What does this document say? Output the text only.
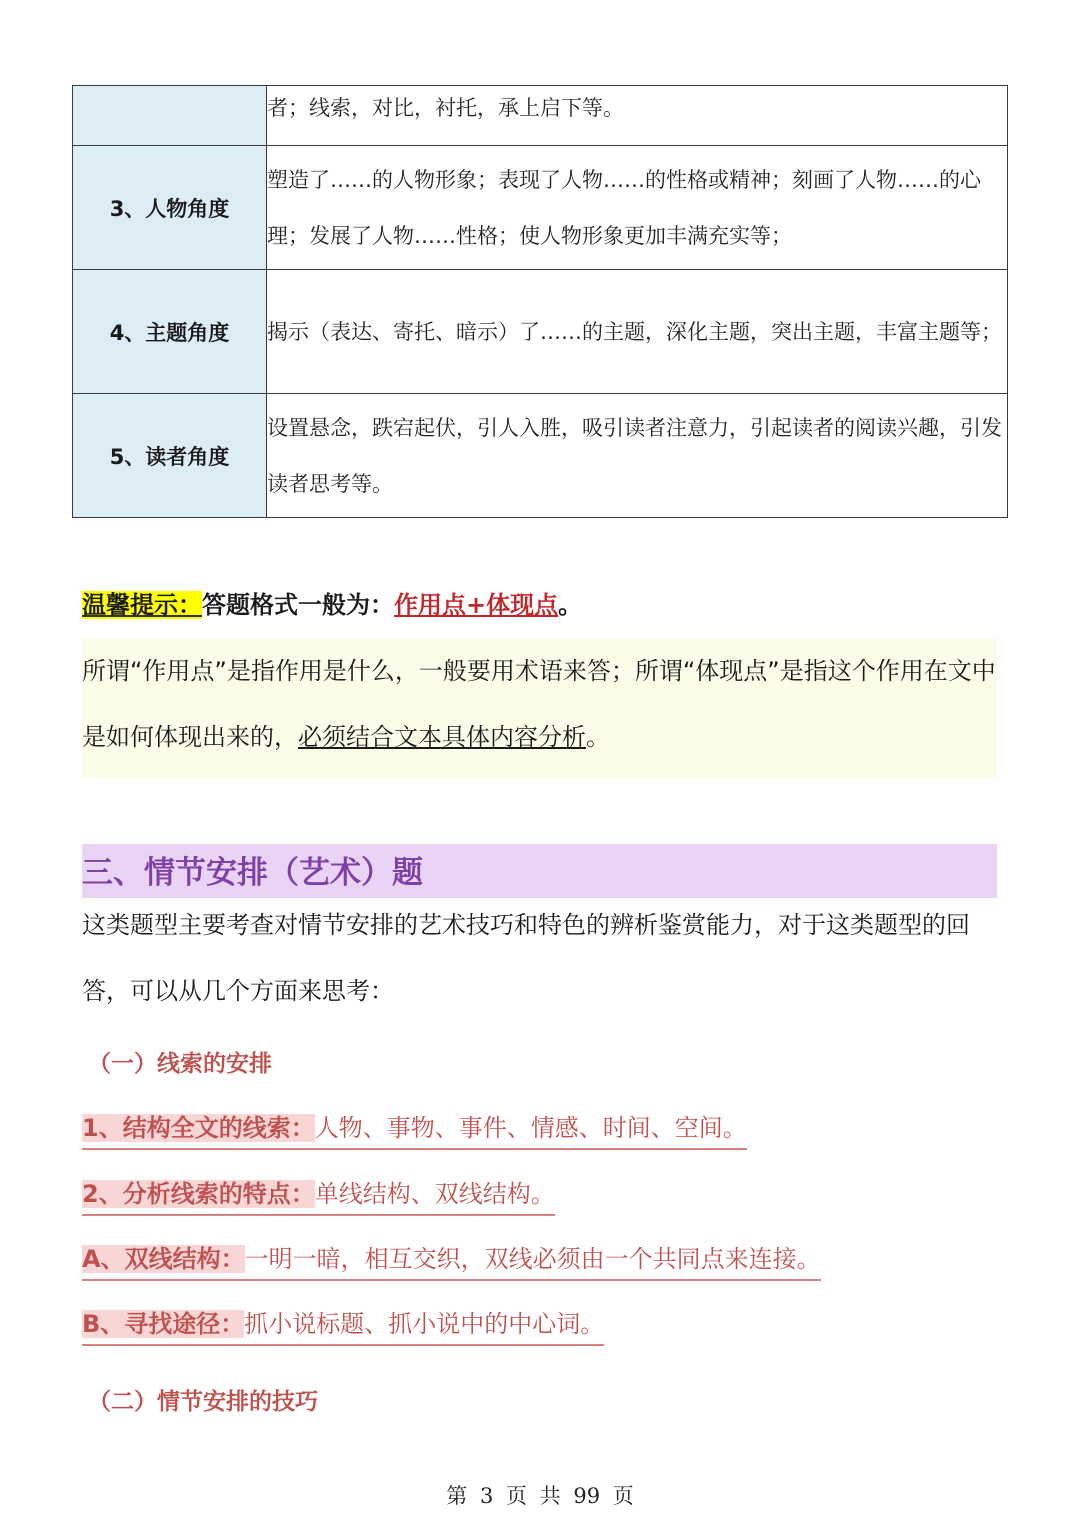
	者；线索，对比，衬托，承上启下等。
3、人物角度	塑造了……的人物形象；表现了人物……的性格或精神；刻画了人物……的心理；发展了人物……性格；使人物形象更加丰满充实等；
4、主题角度	揭示（表达、寄托、暗示）了……的主题，深化主题，突出主题，丰富主题等；
5、读者角度	设置悬念，跌宕起伏，引人入胜，吸引读者注意力，引起读者的阅读兴趣，引发读者思考等。
温馨提示：答题格式一般为：作用点+体现点。

所谓“作用点”是指作用是什么，一般要用术语来答；所谓“体现点”是指这个作用在文中是如何体现出来的，必须结合文本具体内容分析。

三、情节安排（艺术）题

这类题型主要考查对情节安排的艺术技巧和特色的辨析鉴赏能力，对于这类题型的回答，可以从几个方面来思考：

（一）线索的安排
1、结构全文的线索：人物、事物、事件、情感、时间、空间。
2、分析线索的特点：单线结构、双线结构。
A、双线结构：一明一暗，相互交织，双线必须由一个共同点来连接。
B、寻找途径：抓小说标题、抓小说中的中心词。
（二）情节安排的技巧
第 3 页 共 99 页
